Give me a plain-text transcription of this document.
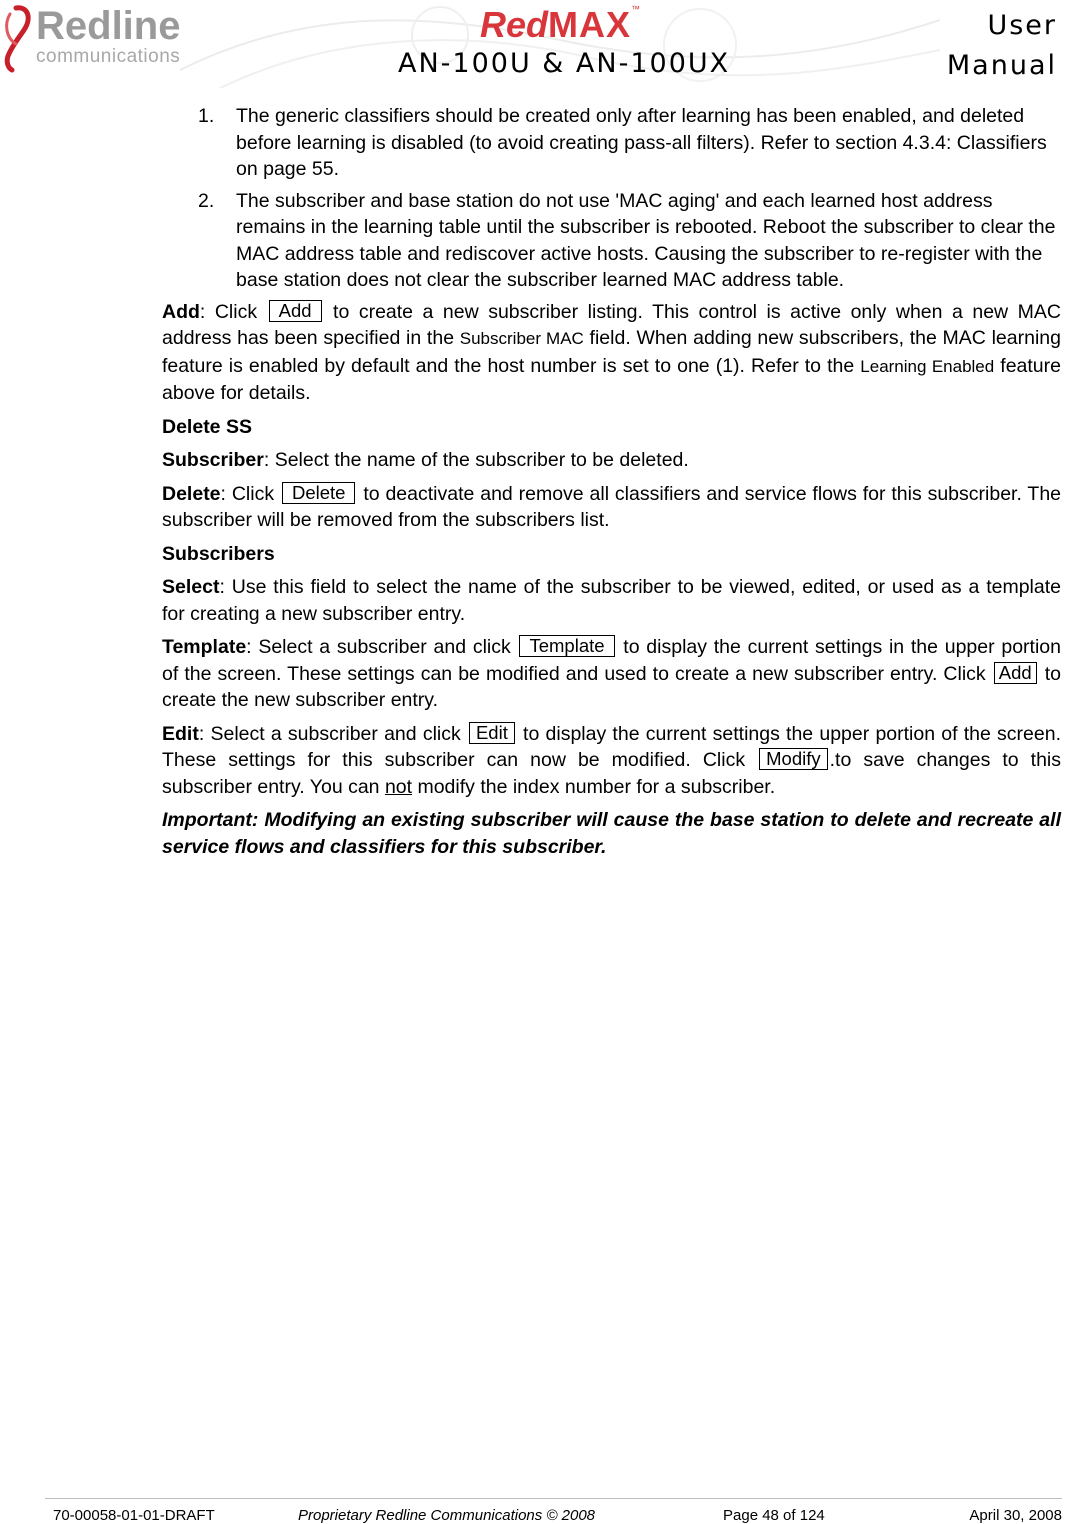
Redline
communications
RedMAX™
AN-100U & AN-100UX
User
Manual
1. The generic classifiers should be created only after learning has been enabled, and deleted before learning is disabled (to avoid creating pass-all filters). Refer to section 4.3.4: Classifiers on page 55.
2. The subscriber and base station do not use 'MAC aging' and each learned host address remains in the learning table until the subscriber is rebooted. Reboot the subscriber to clear the MAC address table and rediscover active hosts. Causing the subscriber to re-register with the base station does not clear the subscriber learned MAC address table.

Add: Click Add to create a new subscriber listing. This control is active only when a new MAC address has been specified in the Subscriber MAC field. When adding new subscribers, the MAC learning feature is enabled by default and the host number is set to one (1). Refer to the Learning Enabled feature above for details.

Delete SS

Subscriber: Select the name of the subscriber to be deleted.

Delete: Click Delete to deactivate and remove all classifiers and service flows for this subscriber. The subscriber will be removed from the subscribers list.

Subscribers

Select: Use this field to select the name of the subscriber to be viewed, edited, or used as a template for creating a new subscriber entry.

Template: Select a subscriber and click Template to display the current settings in the upper portion of the screen. These settings can be modified and used to create a new subscriber entry. Click Add to create the new subscriber entry.

Edit: Select a subscriber and click Edit to display the current settings the upper portion of the screen. These settings for this subscriber can now be modified. Click Modify .to save changes to this subscriber entry. You can not modify the index number for a subscriber.

Important: Modifying an existing subscriber will cause the base station to delete and recreate all service flows and classifiers for this subscriber.

70-00058-01-01-DRAFT	Proprietary Redline Communications © 2008	Page 48 of 124	April 30, 2008
